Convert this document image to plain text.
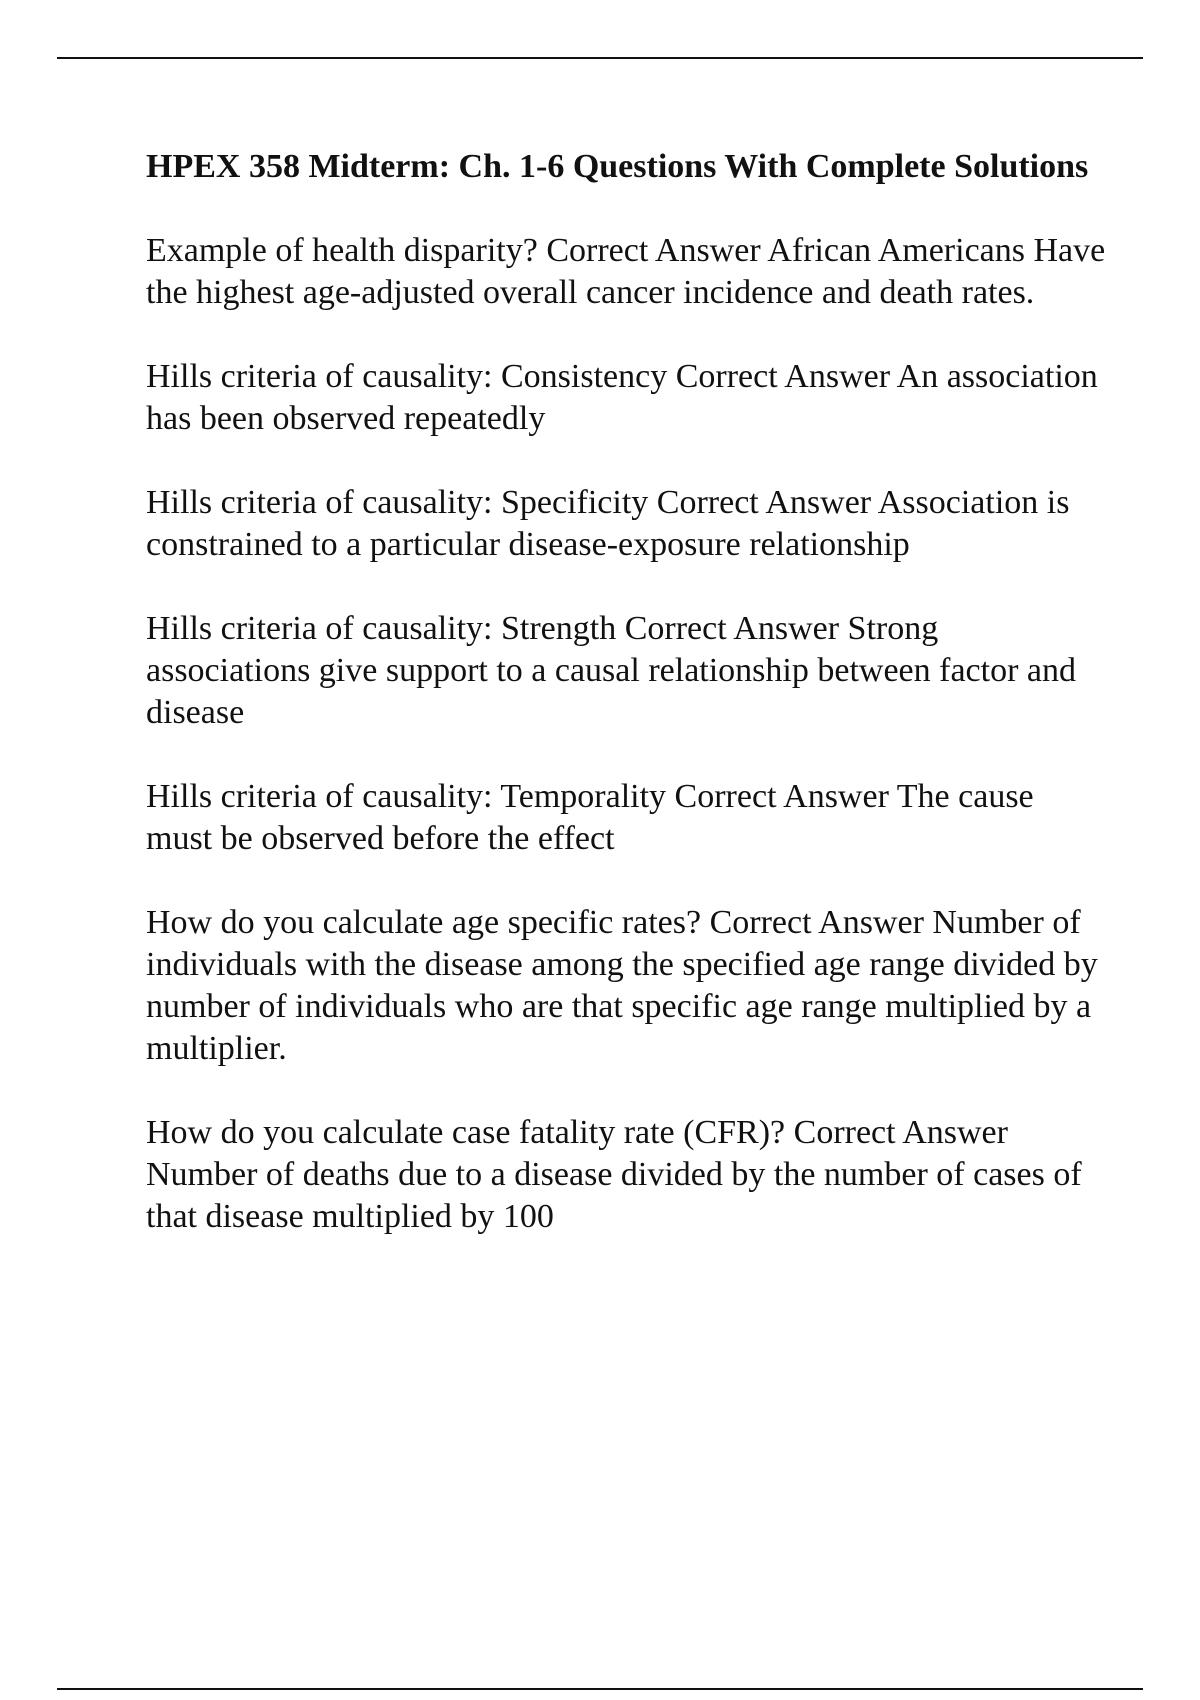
HPEX 358 Midterm: Ch. 1-6 Questions With Complete Solutions

Example of health disparity? Correct Answer African Americans Have the highest age-adjusted overall cancer incidence and death rates.

Hills criteria of causality: Consistency Correct Answer An association has been observed repeatedly

Hills criteria of causality: Specificity Correct Answer Association is constrained to a particular disease-exposure relationship

Hills criteria of causality: Strength Correct Answer Strong associations give support to a causal relationship between factor and disease

Hills criteria of causality: Temporality Correct Answer The cause must be observed before the effect

How do you calculate age specific rates? Correct Answer Number of individuals with the disease among the specified age range divided by number of individuals who are that specific age range multiplied by a multiplier.

How do you calculate case fatality rate (CFR)? Correct Answer Number of deaths due to a disease divided by the number of cases of that disease multiplied by 100
